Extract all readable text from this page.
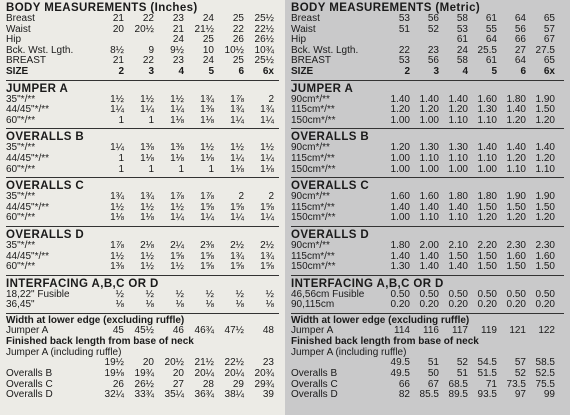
BODY MEASUREMENTS (Inches)
Breast	21	22	23	24	25	25½
Waist	20	20½	21	21½	22	22½
Hip			24	25	26	26½
Bck. Wst. Lgth.	8½	9	9½	10	10½	10¾
BREAST	21	22	23	24	25	25½
SIZE	2	3	4	5	6	6x
JUMPER A
35"*/**	1½	1½	1½	1¾	1⅞	2
44/45"*/**	1¼	1¼	1¼	1⅜	1¾	1¾
60"*/**	1	1	1⅛	1⅛	1¼	1¼
OVERALLS B
35"*/**	1¼	1⅜	1⅜	1½	1½	1½
44/45"*/**	1	1⅛	1⅛	1⅛	1¼	1¼
60"*/**	1	1	1	1	1⅛	1⅛
OVERALLS C
35"*/**	1¾	1¾	1⅞	1⅞	2	2
44/45"*/**	1½	1½	1½	1⅝	1⅝	1⅝
60"*/**	1⅛	1⅛	1¼	1¼	1¼	1¼
OVERALLS D
35"*/**	1⅞	2⅛	2¼	2⅜	2½	2½
44/45"*/**	1½	1½	1⅝	1⅝	1¾	1¾
60"*/**	1⅜	1½	1½	1⅝	1⅝	1⅝
INTERFACING A,B,C OR D
18,22" Fusible	½	½	½	½	½	½
36,45"	⅛	⅛	⅛	⅛	⅛	⅛
Width at lower edge (excluding ruffle)
Jumper A	45	45½	46	46¾	47½	48
Finished back length from base of neck
Jumper A (including ruffle)
	19½	20	20½	21½	22½	23
Overalls B	19⅛	19¾	20	20¼	20¼	20¾
Overalls C	26	26½	27	28	29	29¾
Overalls D	32¼	33¾	35¼	36¾	38¼	39
BODY MEASUREMENTS (Metric)
Breast	53	56	58	61	64	65
Waist	51	52	53	55	56	57
Hip			61	64	66	67
Bck. Wst. Lgth.	22	23	24	25.5	27	27.5
BREAST	53	56	58	61	64	65
SIZE	2	3	4	5	6	6x
JUMPER A
90cm*/**	1.40	1.40	1.40	1.60	1.80	1.90
115cm*/**	1.20	1.20	1.20	1.30	1.40	1.50
150cm*/**	1.00	1.00	1.10	1.10	1.20	1.20
OVERALLS B
90cm*/**	1.20	1.30	1.30	1.40	1.40	1.40
115cm*/**	1.00	1.10	1.10	1.10	1.20	1.20
150cm*/**	1.00	1.00	1.00	1.00	1.10	1.10
OVERALLS C
90cm*/**	1.60	1.60	1.80	1.80	1.90	1.90
115cm*/**	1.40	1.40	1.40	1.50	1.50	1.50
150cm*/**	1.00	1.10	1.10	1.20	1.20	1.20
OVERALLS D
90cm*/**	1.80	2.00	2.10	2.20	2.30	2.30
115cm*/**	1.40	1.40	1.50	1.50	1.60	1.60
150cm*/**	1.30	1.40	1.40	1.50	1.50	1.50
INTERFACING A,B,C OR D
46,56cm Fusible	0.50	0.50	0.50	0.50	0.50	0.50
90,115cm	0.20	0.20	0.20	0.20	0.20	0.20
Width at lower edge (excluding ruffle)
Jumper A	114	116	117	119	121	122
Finished back length from base of neck
Jumper A (including ruffle)
	49.5	51	52	54.5	57	58.5
Overalls B	49.5	50	51	51.5	52	52.5
Overalls C	66	67	68.5	71	73.5	75.5
Overalls D	82	85.5	89.5	93.5	97	99
